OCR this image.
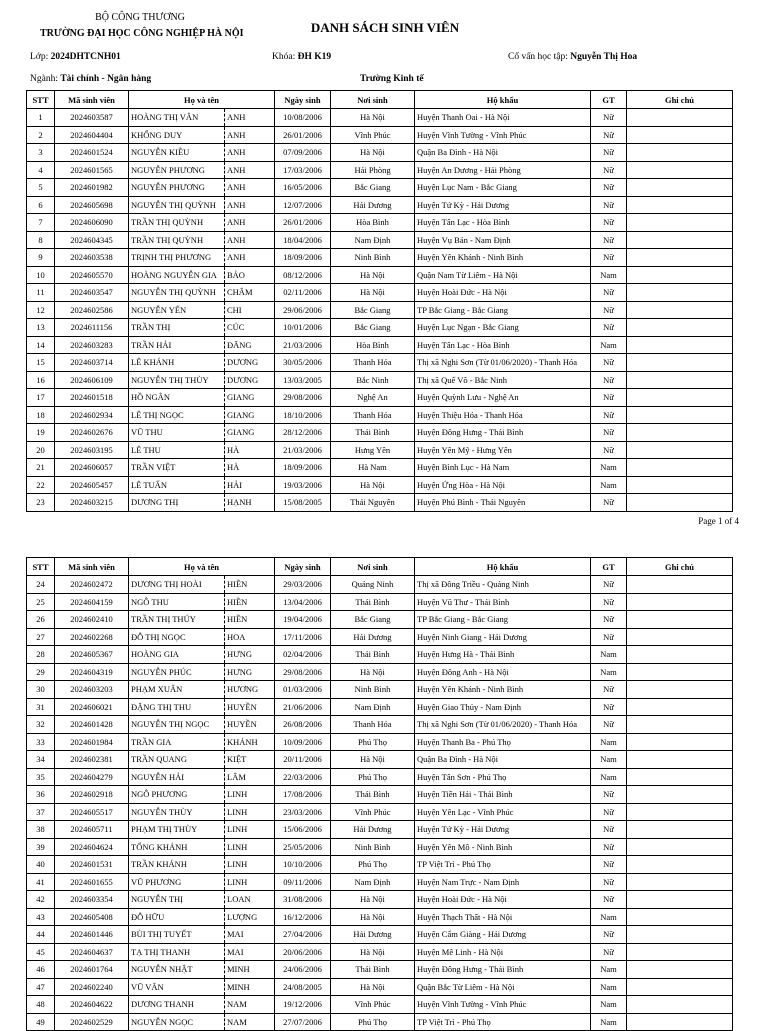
BỘ CÔNG THƯƠNG
TRƯỜNG ĐẠI HỌC CÔNG NGHIỆP HÀ NỘI	DANH SÁCH SINH VIÊN
Lớp: 2024DHTCNH01	Khóa: ĐH K19	Cố vấn học tập: Nguyễn Thị Hoa
Ngành: Tài chính - Ngân hàng	Trường Kinh tế
STT	Mã sinh viên	Họ và tên		Ngày sinh	Nơi sinh	Hộ khẩu	GT	Ghi chú
1	2024603587	HOÀNG THỊ VÂN	ANH	10/08/2006	Hà Nội	Huyện Thanh Oai - Hà Nội	Nữ	
2	2024604404	KHỔNG DUY	ANH	26/01/2006	Vĩnh Phúc	Huyện Vĩnh Tường - Vĩnh Phúc	Nữ	
3	2024601524	NGUYỄN KIỀU	ANH	07/09/2006	Hà Nội	Quận Ba Đình - Hà Nội	Nữ	
4	2024601565	NGUYỄN PHƯƠNG	ANH	17/03/2006	Hải Phòng	Huyện An Dương - Hải Phòng	Nữ	
5	2024601982	NGUYỄN PHƯƠNG	ANH	16/05/2006	Bắc Giang	Huyện Lục Nam - Bắc Giang	Nữ	
6	2024605698	NGUYỄN THỊ QUỲNH	ANH	12/07/2006	Hải Dương	Huyện Tứ Kỳ - Hải Dương	Nữ	
7	2024606090	TRẦN THỊ QUỲNH	ANH	26/01/2006	Hòa Bình	Huyện Tân Lạc - Hòa Bình	Nữ	
8	2024604345	TRẦN THỊ QUỲNH	ANH	18/04/2006	Nam Định	Huyện Vụ Bản - Nam Định	Nữ	
9	2024603538	TRỊNH THỊ PHƯƠNG	ANH	18/09/2006	Ninh Bình	Huyện Yên Khánh - Ninh Bình	Nữ	
10	2024605570	HOÀNG NGUYỄN GIA	BẢO	08/12/2006	Hà Nội	Quận Nam Từ Liêm - Hà Nội	Nam	
11	2024603547	NGUYỄN THỊ QUỲNH	CHÂM	02/11/2006	Hà Nội	Huyện Hoài Đức - Hà Nội	Nữ	
12	2024602586	NGUYỄN YẾN	CHI	29/06/2006	Bắc Giang	TP Bắc Giang - Bắc Giang	Nữ	
13	2024611156	TRẦN THỊ	CÚC	10/01/2006	Bắc Giang	Huyện Lục Ngạn - Bắc Giang	Nữ	
14	2024603283	TRẦN HẢI	ĐĂNG	21/03/2006	Hòa Bình	Huyện Tân Lạc - Hòa Bình	Nam	
15	2024603714	LÊ KHÁNH	DƯƠNG	30/05/2006	Thanh Hóa	Thị xã Nghi Sơn (Từ 01/06/2020) - Thanh Hóa	Nữ	
16	2024606109	NGUYỄN THỊ THÙY	DƯƠNG	13/03/2005	Bắc Ninh	Thị xã Quế Võ - Bắc Ninh	Nữ	
17	2024601518	HỒ NGÂN	GIANG	29/08/2006	Nghệ An	Huyện Quỳnh Lưu - Nghệ An	Nữ	
18	2024602934	LÊ THỊ NGỌC	GIANG	18/10/2006	Thanh Hóa	Huyện Thiệu Hóa - Thanh Hóa	Nữ	
19	2024602676	VŨ THU	GIANG	28/12/2006	Thái Bình	Huyện Đông Hưng - Thái Bình	Nữ	
20	2024603195	LÊ THU	HÀ	21/03/2006	Hưng Yên	Huyện Yên Mỹ - Hưng Yên	Nữ	
21	2024606057	TRẦN VIỆT	HÀ	18/09/2006	Hà Nam	Huyện Bình Lục - Hà Nam	Nam	
22	2024605457	LÊ TUẤN	HẢI	19/03/2006	Hà Nội	Huyện Ứng Hòa - Hà Nội	Nam	
23	2024603215	DƯƠNG THỊ	HẠNH	15/08/2005	Thái Nguyên	Huyện Phú Bình - Thái Nguyên	Nữ	
Page 1 of 4
STT	Mã sinh viên	Họ và tên		Ngày sinh	Nơi sinh	Hộ khẩu	GT	Ghi chú
24	2024602472	DƯƠNG THỊ HOÀI	HIỀN	29/03/2006	Quảng Ninh	Thị xã Đông Triều - Quảng Ninh	Nữ	
25	2024604159	NGÔ THU	HIỀN	13/04/2006	Thái Bình	Huyện Vũ Thư - Thái Bình	Nữ	
26	2024602410	TRẦN THỊ THÚY	HIỀN	19/04/2006	Bắc Giang	TP Bắc Giang - Bắc Giang	Nữ	
27	2024602268	ĐỖ THỊ NGỌC	HOA	17/11/2006	Hải Dương	Huyện Ninh Giang - Hải Dương	Nữ	
28	2024605367	HOÀNG GIA	HƯNG	02/04/2006	Thái Bình	Huyện Hưng Hà - Thái Bình	Nam	
29	2024604319	NGUYỄN PHÚC	HƯNG	29/08/2006	Hà Nội	Huyện Đông Anh - Hà Nội	Nam	
30	2024603203	PHẠM XUÂN	HƯƠNG	01/03/2006	Ninh Bình	Huyện Yên Khánh - Ninh Bình	Nữ	
31	2024606021	ĐẶNG THỊ THU	HUYỀN	21/06/2006	Nam Định	Huyện Giao Thủy - Nam Định	Nữ	
32	2024601428	NGUYỄN THỊ NGỌC	HUYỀN	26/08/2006	Thanh Hóa	Thị xã Nghi Sơn (Từ 01/06/2020) - Thanh Hóa	Nữ	
33	2024601984	TRẦN GIA	KHÁNH	10/09/2006	Phú Thọ	Huyện Thanh Ba - Phú Thọ	Nam	
34	2024602381	TRẦN QUANG	KIỆT	20/11/2006	Hà Nội	Quận Ba Đình - Hà Nội	Nam	
35	2024604279	NGUYỄN HẢI	LÂM	22/03/2006	Phú Thọ	Huyện Tân Sơn - Phú Thọ	Nam	
36	2024602918	NGÔ PHƯƠNG	LINH	17/08/2006	Thái Bình	Huyện Tiền Hải - Thái Bình	Nữ	
37	2024605517	NGUYỄN THÙY	LINH	23/03/2006	Vĩnh Phúc	Huyện Yên Lạc - Vĩnh Phúc	Nữ	
38	2024605711	PHẠM THỊ THÙY	LINH	15/06/2006	Hải Dương	Huyện Tứ Kỳ - Hải Dương	Nữ	
39	2024604624	TỐNG KHÁNH	LINH	25/05/2006	Ninh Bình	Huyện Yên Mô - Ninh Bình	Nữ	
40	2024601531	TRẦN KHÁNH	LINH	10/10/2006	Phú Thọ	TP Việt Trì - Phú Thọ	Nữ	
41	2024601655	VŨ PHƯƠNG	LINH	09/11/2006	Nam Định	Huyện Nam Trực - Nam Định	Nữ	
42	2024603354	NGUYỄN THỊ	LOAN	31/08/2006	Hà Nội	Huyện Hoài Đức - Hà Nội	Nữ	
43	2024605408	ĐỖ HỮU	LƯỢNG	16/12/2006	Hà Nội	Huyện Thạch Thất - Hà Nội	Nam	
44	2024601446	BÙI THỊ TUYẾT	MAI	27/04/2006	Hải Dương	Huyện Cẩm Giàng - Hải Dương	Nữ	
45	2024604637	TẠ THỊ THANH	MAI	20/06/2006	Hà Nội	Huyện Mê Linh - Hà Nội	Nữ	
46	2024601764	NGUYỄN NHẬT	MINH	24/06/2006	Thái Bình	Huyện Đông Hưng - Thái Bình	Nam	
47	2024602240	VŨ VĂN	MINH	24/08/2005	Hà Nội	Quận Bắc Từ Liêm - Hà Nội	Nam	
48	2024604622	DƯƠNG THANH	NAM	19/12/2006	Vĩnh Phúc	Huyện Vĩnh Tường - Vĩnh Phúc	Nam	
49	2024602529	NGUYỄN NGỌC	NAM	27/07/2006	Phú Thọ	TP Việt Trì - Phú Thọ	Nam	
